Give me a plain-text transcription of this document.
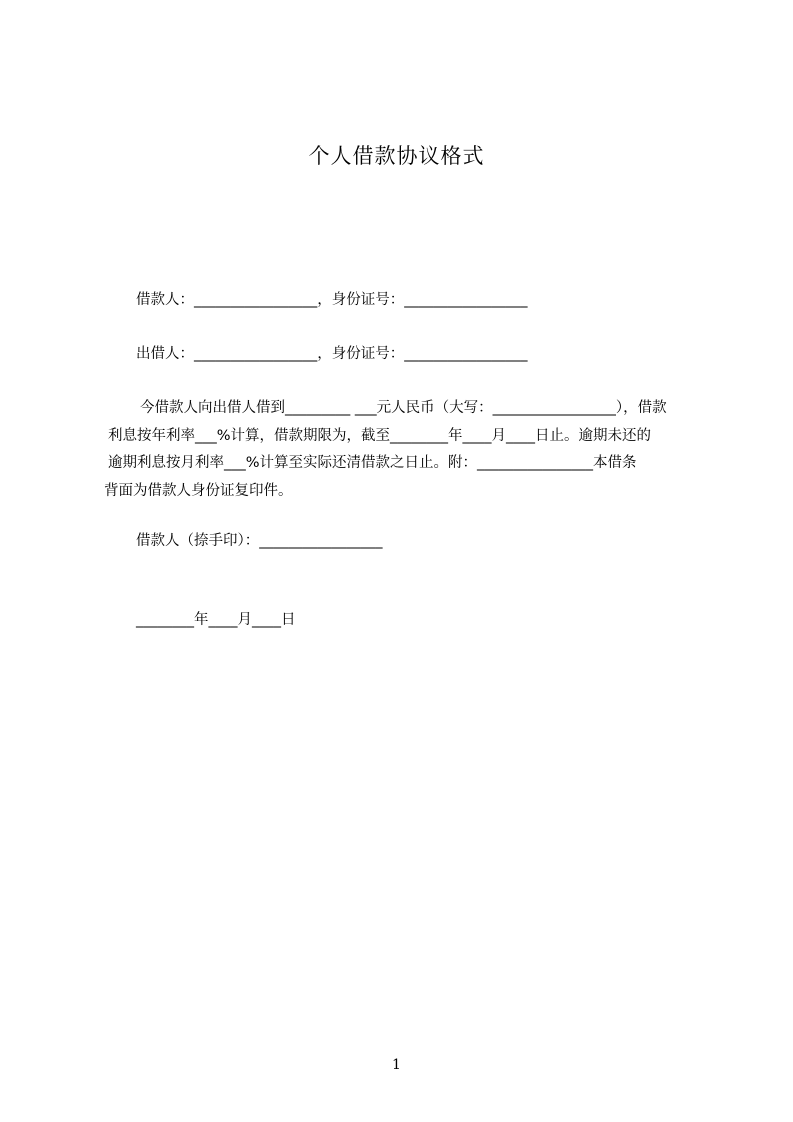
个人借款协议格式
借款人：_________________，身份证号：_________________
出借人：_________________，身份证号：_________________
今借款人向出借人借到_________ ___元人民币（大写：_________________），借款
利息按年利率___%计算，借款期限为，截至________年____月____日止。逾期未还的
逾期利息按月利率___%计算至实际还清借款之日止。附：________________本借条
背面为借款人身份证复印件。
借款人（捺手印）：_________________
________年____月____日
1
